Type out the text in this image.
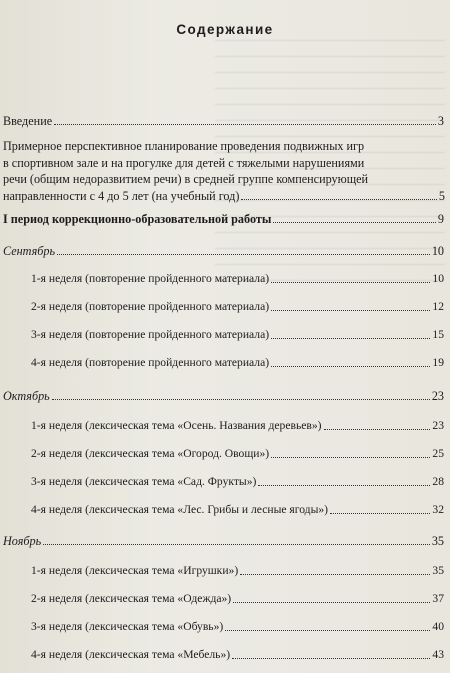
Содержание
Введение	3
Примерное перспективное планирование проведения подвижных игр
в спортивном зале и на прогулке для детей с тяжелыми нарушениями
речи (общим недоразвитием речи) в средней группе компенсирующей
направленности с 4 до 5 лет (на учебный год)	5
I период коррекционно-образовательной работы	9
Сентябрь	10
1-я неделя (повторение пройденного материала)	10
2-я неделя (повторение пройденного материала)	12
3-я неделя (повторение пройденного материала)	15
4-я неделя (повторение пройденного материала)	19
Октябрь	23
1-я неделя (лексическая тема «Осень. Названия деревьев»)	23
2-я неделя (лексическая тема «Огород. Овощи»)	25
3-я неделя (лексическая тема «Сад. Фрукты»)	28
4-я неделя (лексическая тема «Лес. Грибы и лесные ягоды»)	32
Ноябрь	35
1-я неделя (лексическая тема «Игрушки»)	35
2-я неделя (лексическая тема «Одежда»)	37
3-я неделя (лексическая тема «Обувь»)	40
4-я неделя (лексическая тема «Мебель»)	43
